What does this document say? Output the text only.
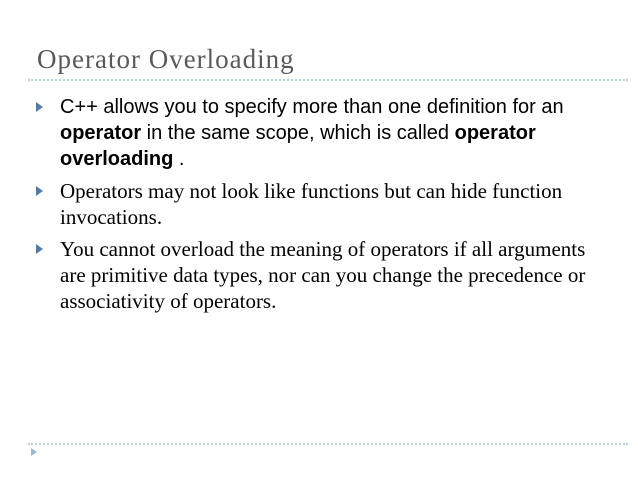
Operator Overloading
C++ allows you to specify more than one definition for an operator in the same scope, which is called operator overloading .
Operators may not look like functions but can hide function invocations.
You cannot overload the meaning of operators if all arguments are primitive data types, nor can you change the precedence or associativity of operators.
